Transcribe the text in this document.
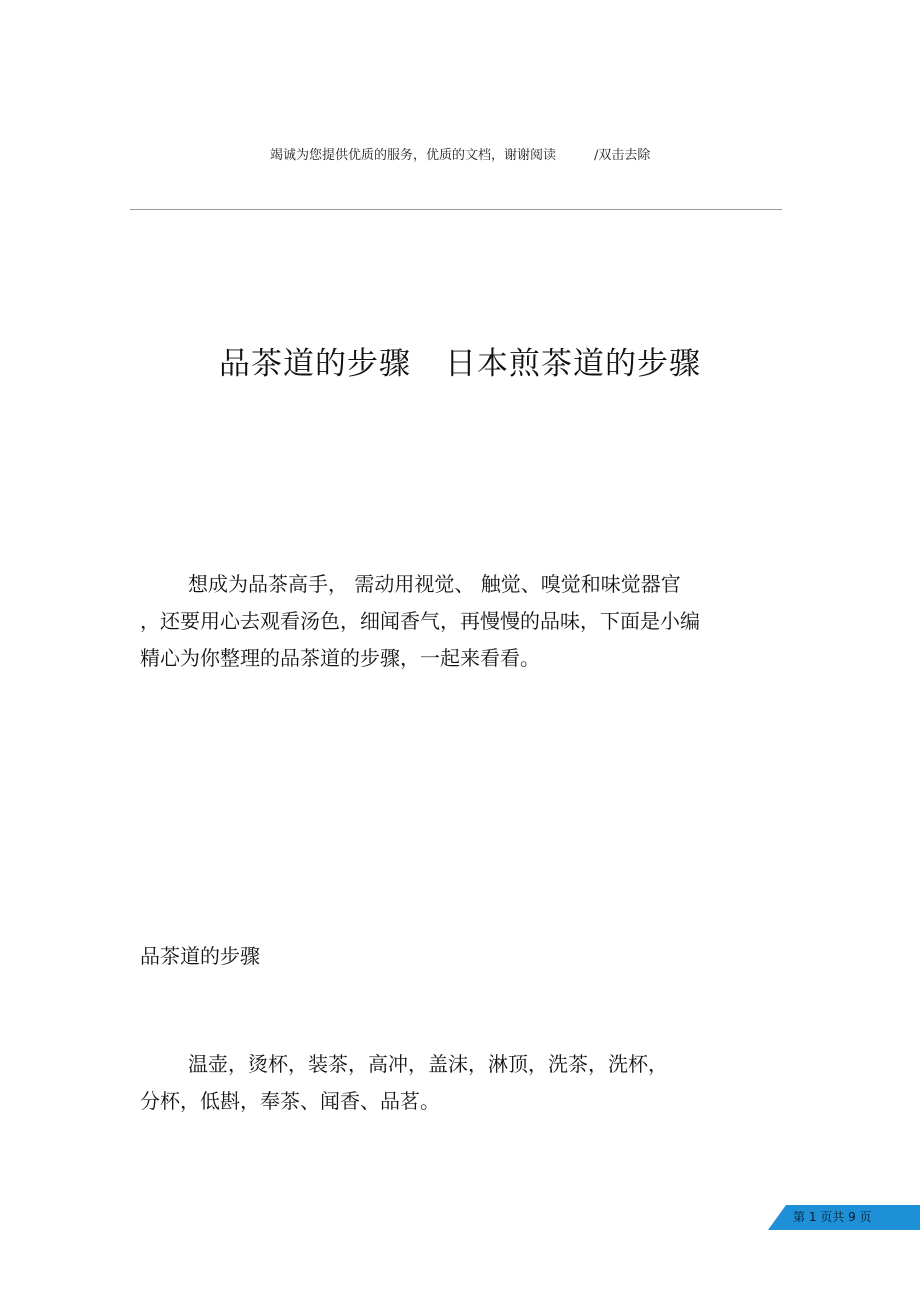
竭诚为您提供优质的服务，优质的文档，谢谢阅读	/双击去除
品茶道的步骤 日本煎茶道的步骤

想成为品茶高手， 需动用视觉、 触觉、嗅觉和味觉器官

，还要用心去观看汤色，细闻香气，再慢慢的品味，下面是小编

精心为你整理的品茶道的步骤，一起来看看。

品茶道的步骤

温壶，烫杯，装茶，高冲，盖沫，淋顶，洗茶，洗杯，

分杯，低斟，奉茶、闻香、品茗。

第 1 页共 9 页
